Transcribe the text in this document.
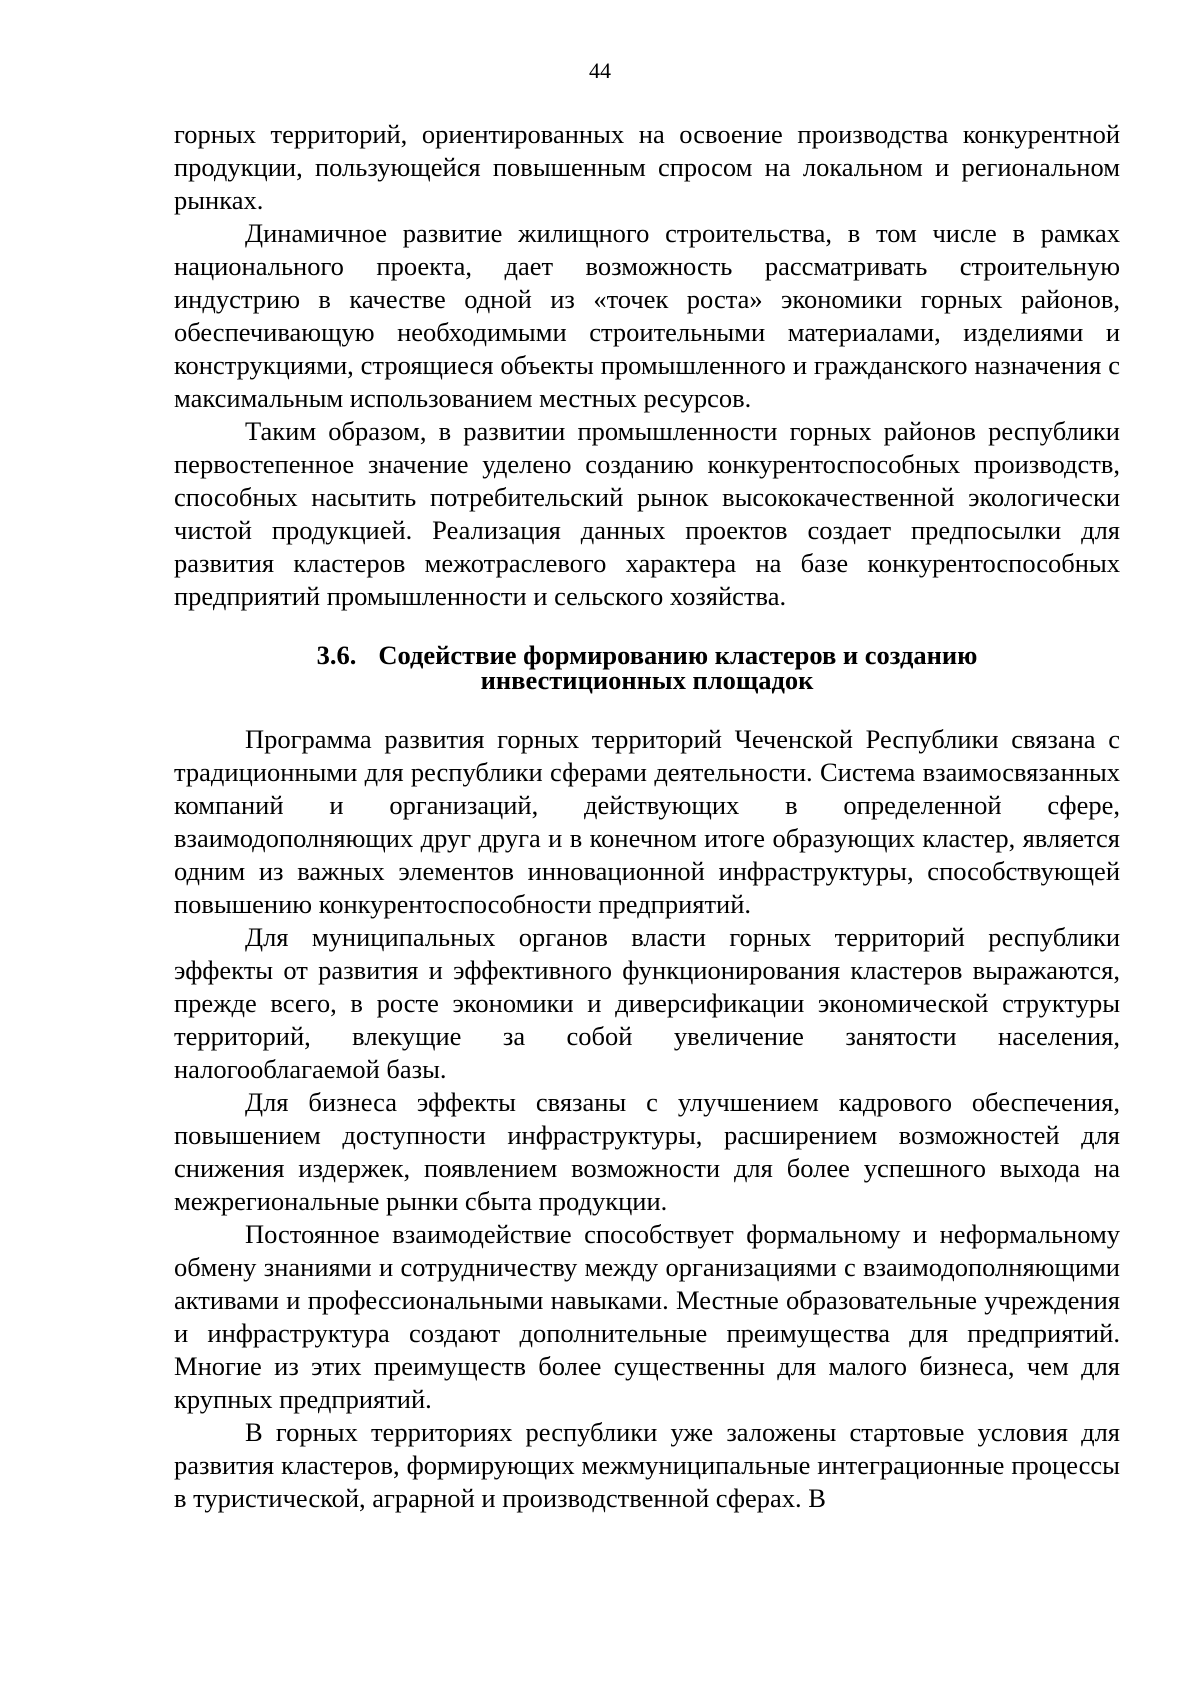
44

горных территорий, ориентированных на освоение производства конкурентной продукции, пользующейся повышенным спросом на локальном и региональном рынках.

Динамичное развитие жилищного строительства, в том числе в рамках национального проекта, дает возможность рассматривать строительную индустрию в качестве одной из «точек роста» экономики горных районов, обеспечивающую необходимыми строительными материалами, изделиями и конструкциями, строящиеся объекты промышленного и гражданского назначения с максимальным использованием местных ресурсов.

Таким образом, в развитии промышленности горных районов республики первостепенное значение уделено созданию конкурентоспособных производств, способных насытить потребительский рынок высококачественной экологически чистой продукцией. Реализация данных проектов создает предпосылки для развития кластеров межотраслевого характера на базе конкурентоспособных предприятий промышленности и сельского хозяйства.

3.6. Содействие формированию кластеров и созданию
инвестиционных площадок

Программа развития горных территорий Чеченской Республики связана с традиционными для республики сферами деятельности. Система взаимосвязанных компаний и организаций, действующих в определенной сфере, взаимодополняющих друг друга и в конечном итоге образующих кластер, является одним из важных элементов инновационной инфраструктуры, способствующей повышению конкурентоспособности предприятий.

Для муниципальных органов власти горных территорий республики эффекты от развития и эффективного функционирования кластеров выражаются, прежде всего, в росте экономики и диверсификации экономической структуры территорий, влекущие за собой увеличение занятости населения, налогооблагаемой базы.

Для бизнеса эффекты связаны с улучшением кадрового обеспечения, повышением доступности инфраструктуры, расширением возможностей для снижения издержек, появлением возможности для более успешного выхода на межрегиональные рынки сбыта продукции.

Постоянное взаимодействие способствует формальному и неформальному обмену знаниями и сотрудничеству между организациями с взаимодополняющими активами и профессиональными навыками. Местные образовательные учреждения и инфраструктура создают дополнительные преимущества для предприятий. Многие из этих преимуществ более существенны для малого бизнеса, чем для крупных предприятий.

В горных территориях республики уже заложены стартовые условия для развития кластеров, формирующих межмуниципальные интеграционные процессы в туристической, аграрной и производственной сферах. В
